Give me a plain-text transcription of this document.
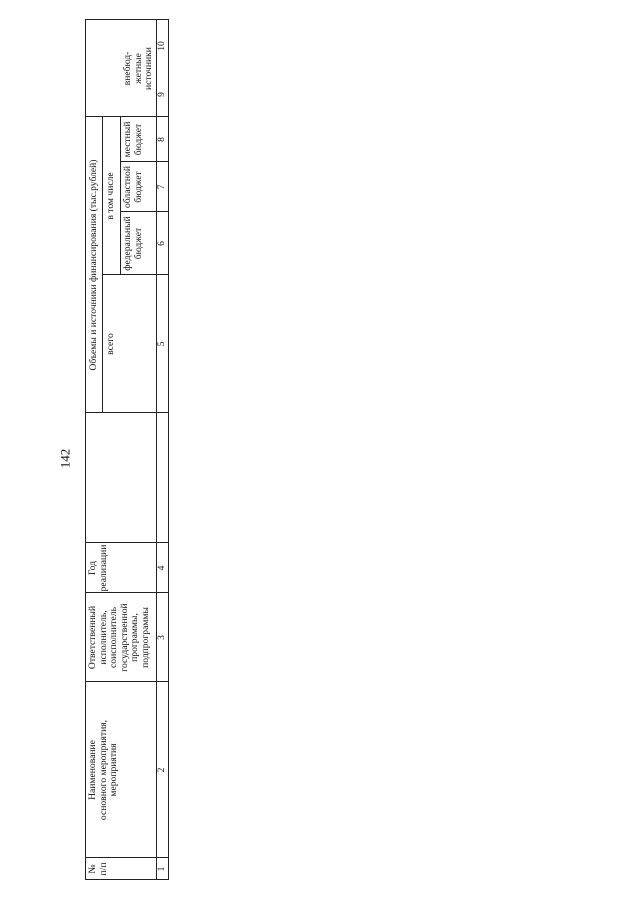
142
№
п/п
Наименование
основного мероприятия,
мероприятия
Ответственный
исполнитель,
соисполнитель
государственной
программы,
подпрограммы
Год
реализации
Объемы и источники финансирования (тыс.рублей) всего
в том числе
федеральный
бюджет
областной
бюджет
местный
бюджет
внебюд-
жетные
источники
1
2
3
4
5
6
7
8
9
10
